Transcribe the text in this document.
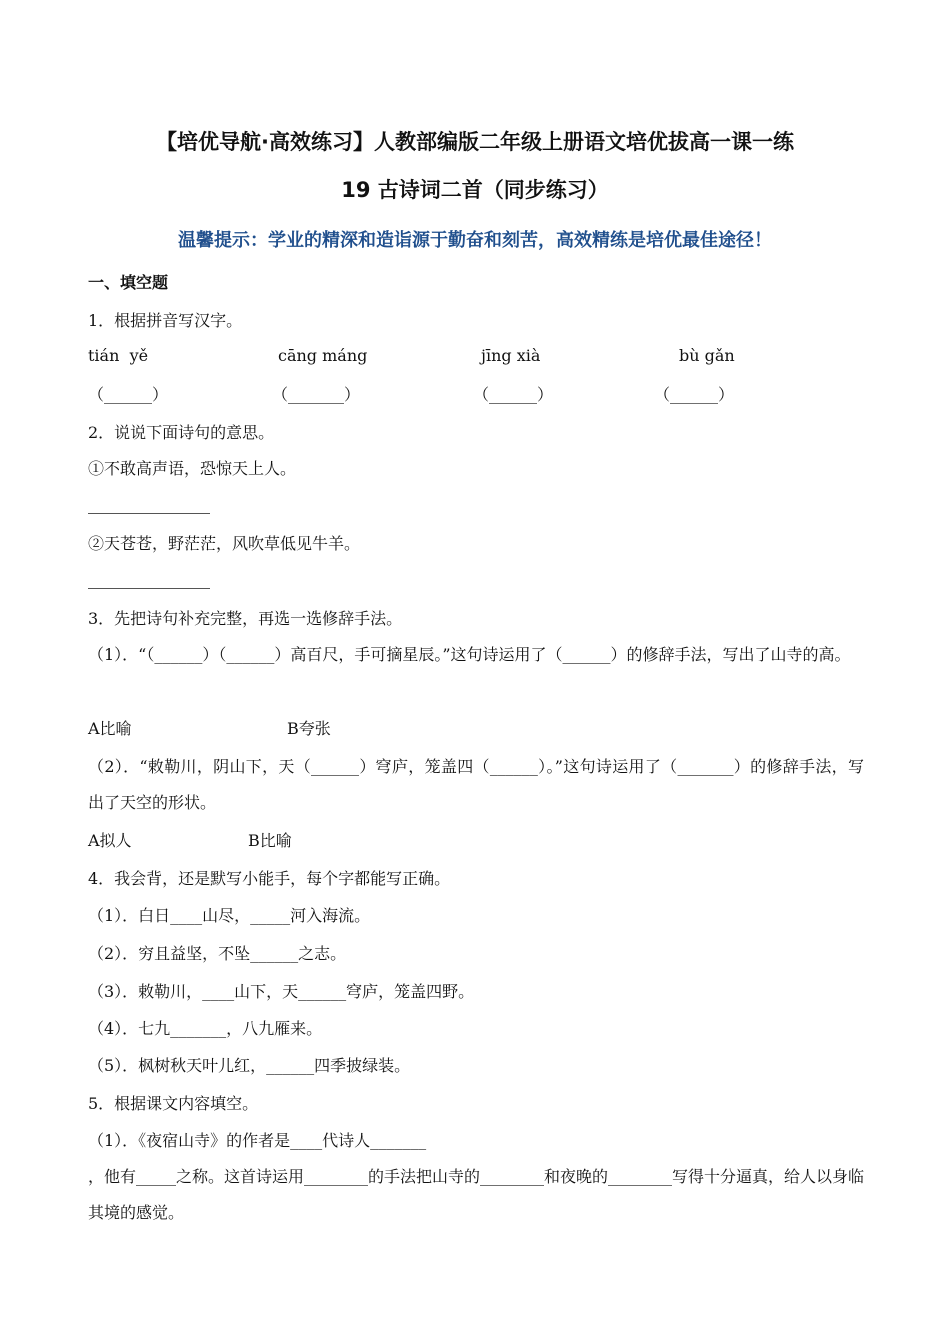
【培优导航·高效练习】人教部编版二年级上册语文培优拔高一课一练
19 古诗词二首（同步练习）
温馨提示：学业的精深和造诣源于勤奋和刻苦，高效精练是培优最佳途径！
一、填空题
1．根据拼音写汉字。
tián  yě	cāng máng	jīng xià	bù gǎn
（______）	（_______）	（______）	（______）
2．说说下面诗句的意思。
①不敢高声语，恐惊天上人。
②天苍苍，野茫茫，风吹草低见牛羊。
3．先把诗句补充完整，再选一选修辞手法。
（1）．“（______）（______）高百尺，手可摘星辰。”这句诗运用了（______）的修辞手法，写出了山寺的高。
A比喻	B夸张
（2）．“敕勒川，阴山下，天（______）穹庐，笼盖四（______）。”这句诗运用了（_______）的修辞手法，写出了天空的形状。
A拟人	B比喻
4．我会背，还是默写小能手，每个字都能写正确。
（1）．白日____山尽，_____河入海流。
（2）．穷且益坚，不坠______之志。
（3）．敕勒川，____山下，天______穹庐，笼盖四野。
（4）．七九_______，八九雁来。
（5）．枫树秋天叶儿红，______四季披绿装。
5．根据课文内容填空。
（1）．《夜宿山寺》的作者是____代诗人_______
，他有_____之称。这首诗运用________的手法把山寺的________和夜晚的________写得十分逼真，给人以身临其境的感觉。
